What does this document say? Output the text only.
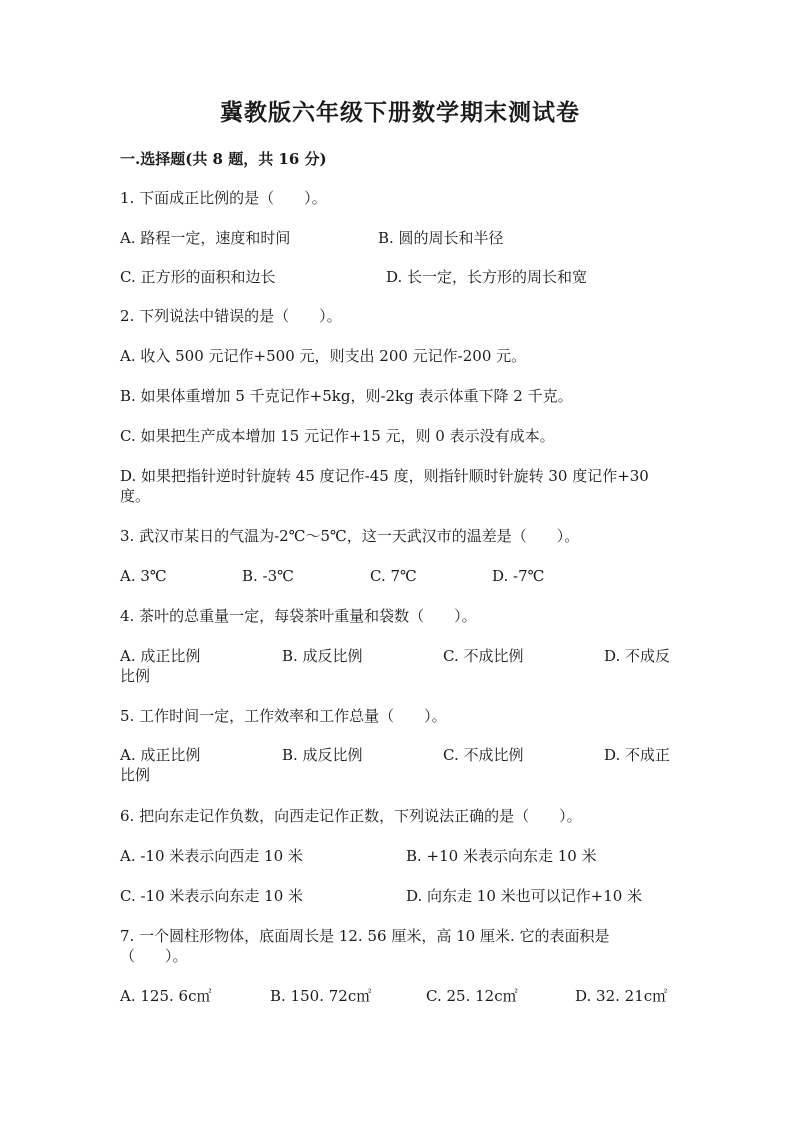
冀教版六年级下册数学期末测试卷
一.选择题(共 8 题，共 16 分)
1. 下面成正比例的是（　　）。
A. 路程一定，速度和时间	B. 圆的周长和半径
C. 正方形的面积和边长	D. 长一定，长方形的周长和宽
2. 下列说法中错误的是（　　）。
A. 收入 500 元记作+500 元，则支出 200 元记作-200 元。
B. 如果体重增加 5 千克记作+5kg，则-2kg 表示体重下降 2 千克。
C. 如果把生产成本增加 15 元记作+15 元，则 0 表示没有成本。
D. 如果把指针逆时针旋转 45 度记作-45 度，则指针顺时针旋转 30 度记作+30 度。
3. 武汉市某日的气温为-2℃～5℃，这一天武汉市的温差是（　　）。
A. 3℃	B. -3℃	C. 7℃	D. -7℃
4. 茶叶的总重量一定，每袋茶叶重量和袋数（　　）。
A. 成正比例	B. 成反比例	C. 不成比例	D. 不成反
比例
5. 工作时间一定，工作效率和工作总量（　　）。
A. 成正比例	B. 成反比例	C. 不成比例	D. 不成正
比例
6. 把向东走记作负数，向西走记作正数，下列说法正确的是（　　）。
A. -10 米表示向西走 10 米	B. +10 米表示向东走 10 米
C. -10 米表示向东走 10 米	D. 向东走 10 米也可以记作+10 米
7. 一个圆柱形物体，底面周长是 12. 56 厘米，高 10 厘米. 它的表面积是（　　）。
A. 125. 6c㎡	B. 150. 72c㎡	C. 25. 12c㎡	D. 32. 21c㎡
